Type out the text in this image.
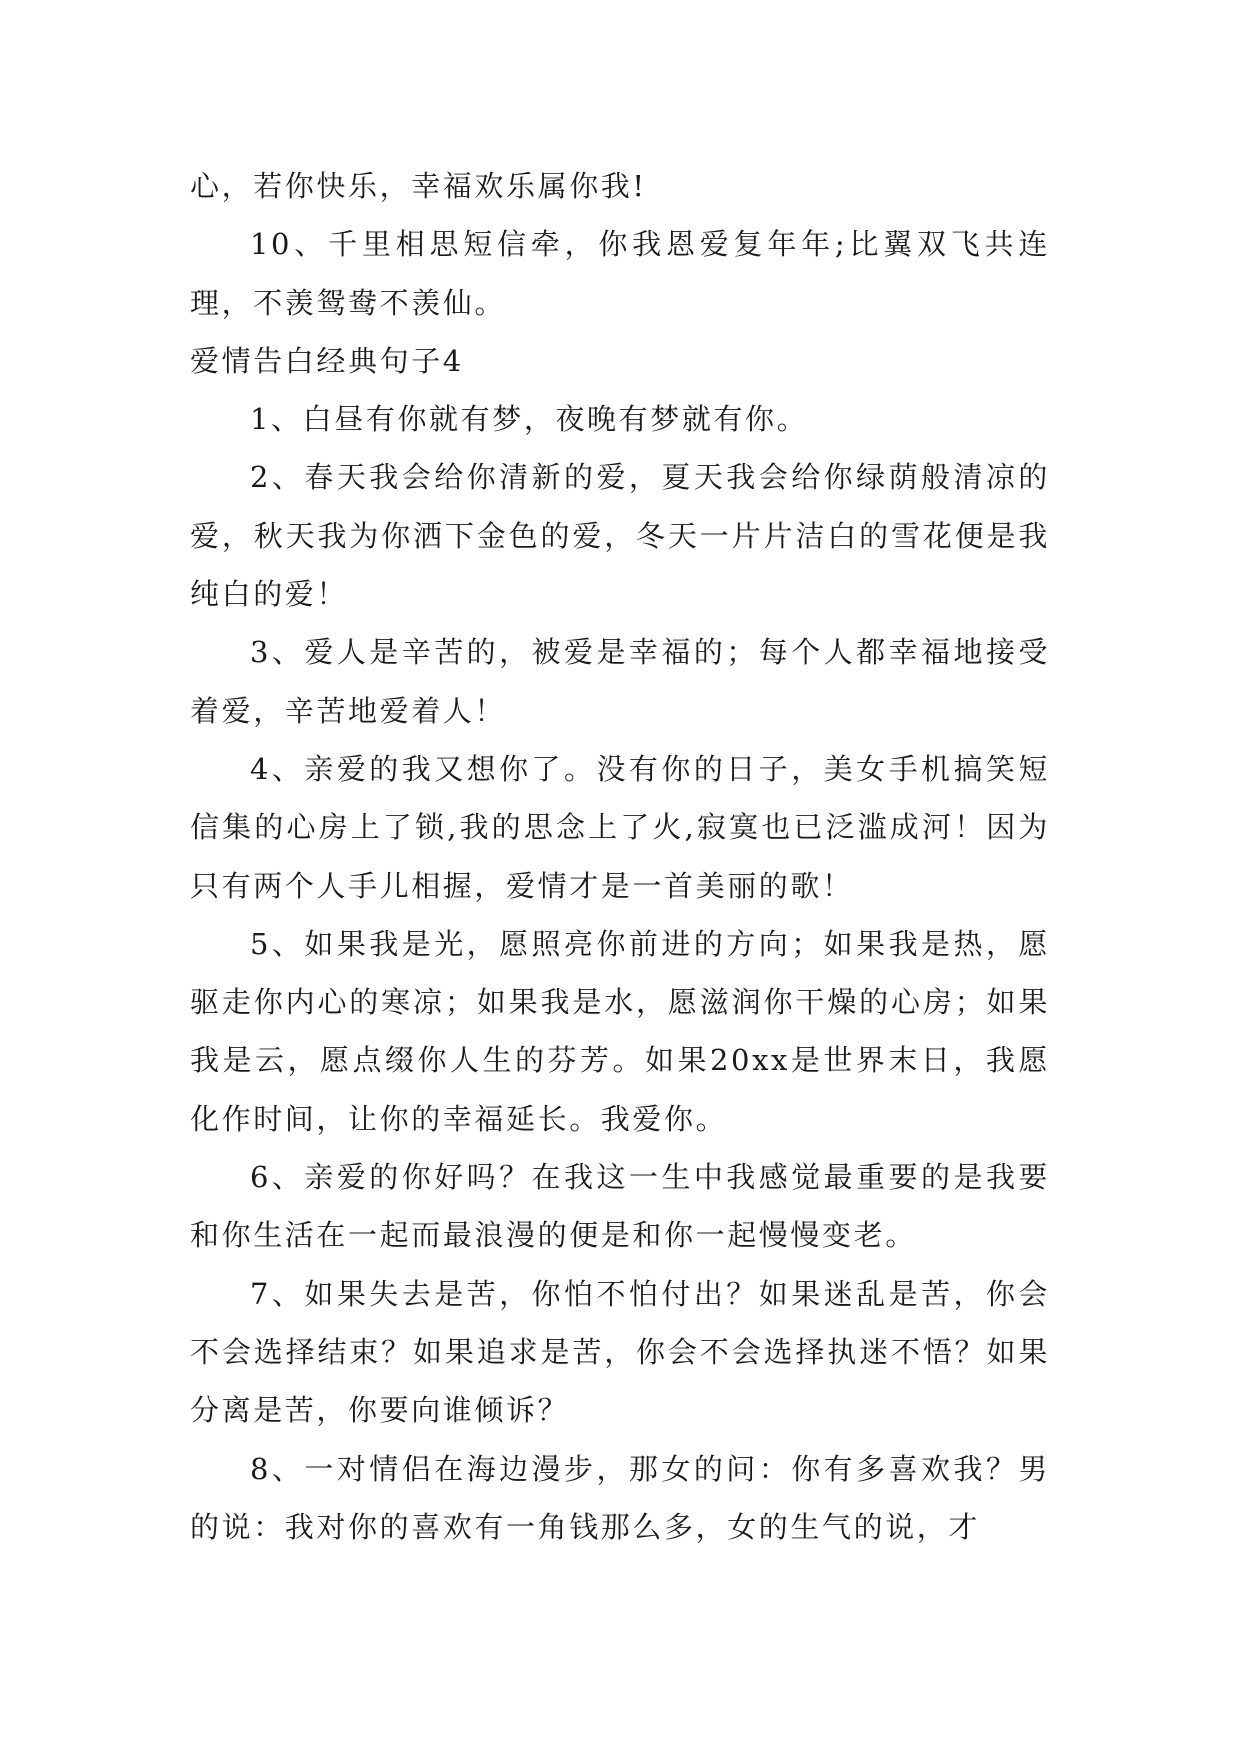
心，若你快乐，幸福欢乐属你我!

10、千里相思短信牵，你我恩爱复年年;比翼双飞共连理，不羡鸳鸯不羡仙。

爱情告白经典句子4

1、白昼有你就有梦，夜晚有梦就有你。

2、春天我会给你清新的爱，夏天我会给你绿荫般清凉的爱，秋天我为你洒下金色的爱，冬天一片片洁白的雪花便是我纯白的爱！

3、爱人是辛苦的，被爱是幸福的；每个人都幸福地接受着爱，辛苦地爱着人！

4、亲爱的我又想你了。没有你的日子，美女手机搞笑短信集的心房上了锁,我的思念上了火,寂寞也已泛滥成河！因为只有两个人手儿相握，爱情才是一首美丽的歌！

5、如果我是光，愿照亮你前进的方向；如果我是热，愿驱走你内心的寒凉；如果我是水，愿滋润你干燥的心房；如果我是云，愿点缀你人生的芬芳。如果20xx是世界末日，我愿化作时间，让你的幸福延长。我爱你。

6、亲爱的你好吗？在我这一生中我感觉最重要的是我要和你生活在一起而最浪漫的便是和你一起慢慢变老。

7、如果失去是苦，你怕不怕付出？如果迷乱是苦，你会不会选择结束？如果追求是苦，你会不会选择执迷不悟？如果分离是苦，你要向谁倾诉？

8、一对情侣在海边漫步，那女的问：你有多喜欢我？男的说：我对你的喜欢有一角钱那么多，女的生气的说，才
